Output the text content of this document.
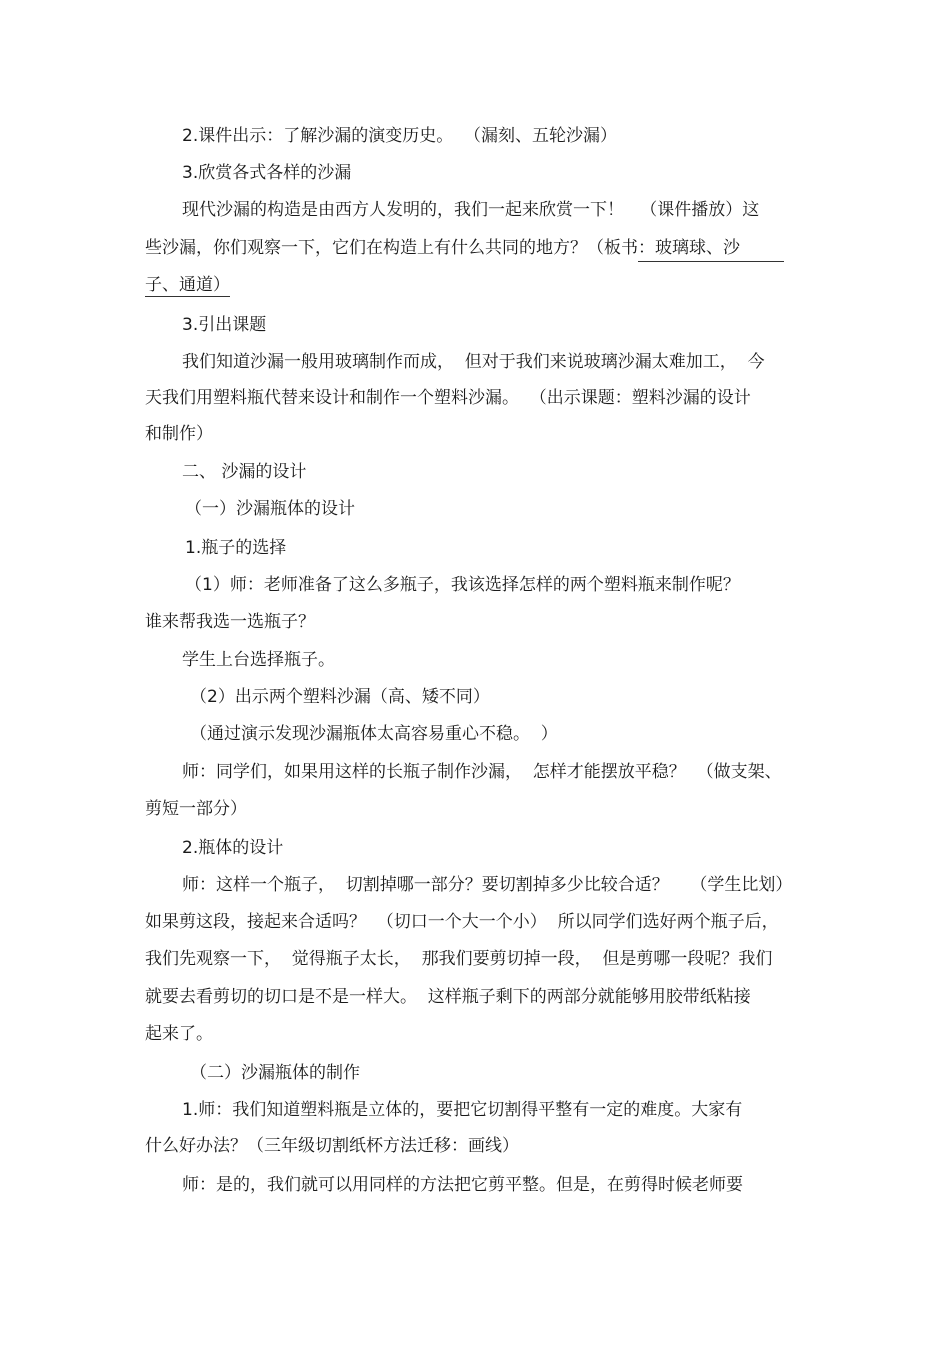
2.课件出示：了解沙漏的演变历史。  （漏刻、五轮沙漏）
3.欣赏各式各样的沙漏
现代沙漏的构造是由西方人发明的，我们一起来欣赏一下！   （课件播放）这
些沙漏，你们观察一下，它们在构造上有什么共同的地方？（板书：玻璃球、沙
子、通道）
3.引出课题
我们知道沙漏一般用玻璃制作而成，  但对于我们来说玻璃沙漏太难加工，  今
天我们用塑料瓶代替来设计和制作一个塑料沙漏。  （出示课题：塑料沙漏的设计
和制作）
二、 沙漏的设计
（一）沙漏瓶体的设计
1.瓶子的选择
（1）师：老师准备了这么多瓶子，我该选择怎样的两个塑料瓶来制作呢？
谁来帮我选一选瓶子？
学生上台选择瓶子。
（2）出示两个塑料沙漏（高、矮不同）
（通过演示发现沙漏瓶体太高容易重心不稳。  ）
师：同学们，如果用这样的长瓶子制作沙漏，  怎样才能摆放平稳？  （做支架、
剪短一部分）
2.瓶体的设计
师：这样一个瓶子，  切割掉哪一部分？要切割掉多少比较合适？    （学生比划）
如果剪这段，接起来合适吗？  （切口一个大一个小）  所以同学们选好两个瓶子后，
我们先观察一下，  觉得瓶子太长，  那我们要剪切掉一段，  但是剪哪一段呢？我们
就要去看剪切的切口是不是一样大。  这样瓶子剩下的两部分就能够用胶带纸粘接
起来了。
（二）沙漏瓶体的制作
1.师：我们知道塑料瓶是立体的，要把它切割得平整有一定的难度。大家有
什么好办法？（三年级切割纸杯方法迁移：画线）
师：是的，我们就可以用同样的方法把它剪平整。但是，在剪得时候老师要
